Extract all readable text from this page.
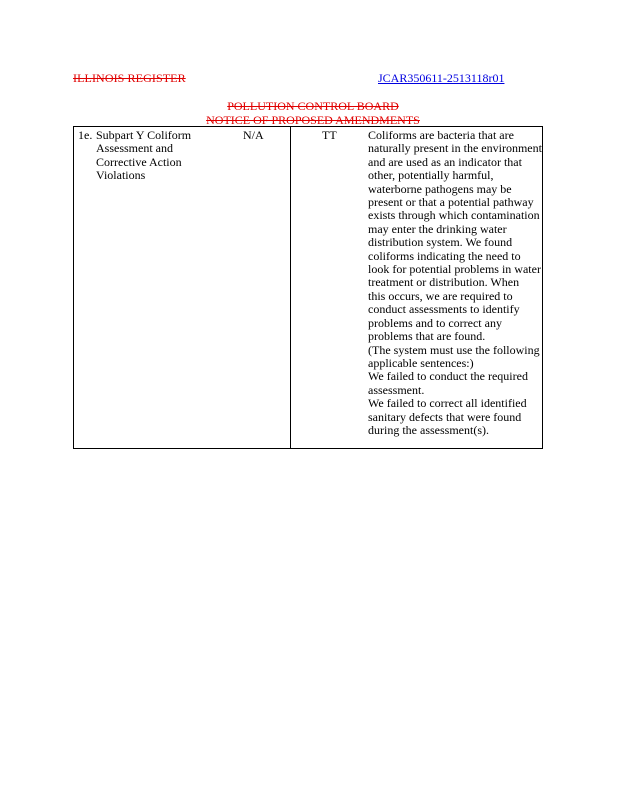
ILLINOIS REGISTER	JCAR350611-2513118r01
POLLUTION CONTROL BOARD
NOTICE OF PROPOSED AMENDMENTS
1e. Subpart Y Coliform
Assessment and
Corrective Action
Violations
N/A	TT	Coliforms are bacteria that are
naturally present in the environment
and are used as an indicator that
other, potentially harmful,
waterborne pathogens may be
present or that a potential pathway
exists through which contamination
may enter the drinking water
distribution system. We found
coliforms indicating the need to
look for potential problems in water
treatment or distribution. When
this occurs, we are required to
conduct assessments to identify
problems and to correct any
problems that are found.
(The system must use the following
applicable sentences:)
We failed to conduct the required
assessment.
We failed to correct all identified
sanitary defects that were found
during the assessment(s).
